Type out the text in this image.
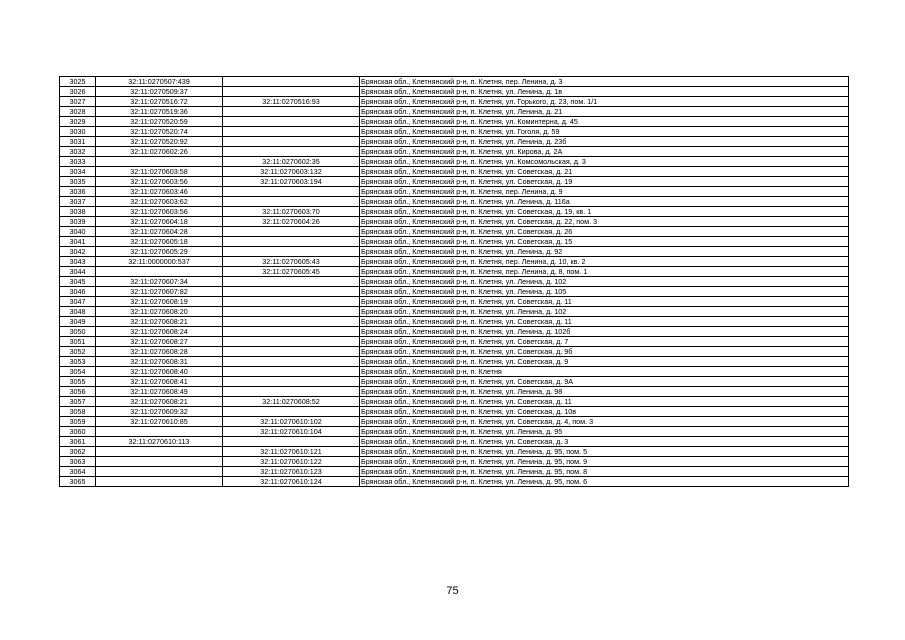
3025	32:11:0270507:439		Брянская обл., Клетнянский р-н, п. Клетня, пер. Ленина, д. 3
3026	32:11:0270509:37		Брянская обл., Клетнянский р-н, п. Клетня, ул. Ленина, д. 1в
3027	32:11:0270516:72	32:11:0270516:93	Брянская обл., Клетнянский р-н, п. Клетня, ул. Горького, д. 23, пом. 1/1
3028	32:11:0270519:36		Брянская обл., Клетнянский р-н, п. Клетня, ул. Ленина, д. 21
3029	32:11:0270520:59		Брянская обл., Клетнянский р-н, п. Клетня, ул. Коминтерна, д. 45
3030	32:11:0270520:74		Брянская обл., Клетнянский р-н, п. Клетня, ул. Гоголя, д. 59
3031	32:11:0270520:92		Брянская обл., Клетнянский р-н, п. Клетня, ул. Ленина, д. 23б
3032	32:11:0270602:26		Брянская обл., Клетнянский р-н, п. Клетня, ул. Кирова, д. 2А
3033		32:11:0270602:35	Брянская обл., Клетнянский р-н, п. Клетня, ул. Комсомольская, д. 3
3034	32:11:0270603:58	32:11:0270603:132	Брянская обл., Клетнянский р-н, п. Клетня, ул. Советская, д. 21
3035	32:11:0270603:56	32:11:0270603:194	Брянская обл., Клетнянский р-н, п. Клетня, ул. Советская, д. 19
3036	32:11:0270603:46		Брянская обл., Клетнянский р-н, п. Клетня, пер. Ленина, д. 9
3037	32:11:0270603:62		Брянская обл., Клетнянский р-н, п. Клетня, ул. Ленина, д. 116а
3038	32:11:0270603:56	32:11:0270603:70	Брянская обл., Клетнянский р-н, п. Клетня, ул. Советская, д. 19, кв. 1
3039	32:11:0270604:18	32:11:0270604:26	Брянская обл., Клетнянский р-н, п. Клетня, ул. Советская, д. 22, пом. 3
3040	32:11:0270604:28		Брянская обл., Клетнянский р-н, п. Клетня, ул. Советская, д. 26
3041	32:11:0270605:18		Брянская обл., Клетнянский р-н, п. Клетня, ул. Советская, д. 15
3042	32:11:0270605:29		Брянская обл., Клетнянский р-н, п. Клетня, ул. Ленина, д. 92
3043	32:11:0000000:537	32:11:0270605:43	Брянская обл., Клетнянский р-н, п. Клетня, пер. Ленина, д. 10, кв. 2
3044		32:11:0270605:45	Брянская обл., Клетнянский р-н, п. Клетня, пер. Ленина, д. 8, пом. 1
3045	32:11:0270607:34		Брянская обл., Клетнянский р-н, п. Клетня, ул. Ленина, д. 102
3046	32:11:0270607:82		Брянская обл., Клетнянский р-н, п. Клетня, ул. Ленина, д. 105
3047	32:11:0270608:19		Брянская обл., Клетнянский р-н, п. Клетня, ул. Советская, д. 11
3048	32:11:0270608:20		Брянская обл., Клетнянский р-н, п. Клетня, ул. Ленина, д. 102
3049	32:11:0270608:21		Брянская обл., Клетнянский р-н, п. Клетня, ул. Советская, д. 11
3050	32:11:0270608:24		Брянская обл., Клетнянский р-н, п. Клетня, ул. Ленина, д. 102б
3051	32:11:0270608:27		Брянская обл., Клетнянский р-н, п. Клетня, ул. Советская, д. 7
3052	32:11:0270608:28		Брянская обл., Клетнянский р-н, п. Клетня, ул. Советская, д. 9б
3053	32:11:0270608:31		Брянская обл., Клетнянский р-н, п. Клетня, ул. Советская, д. 9
3054	32:11:0270608:40		Брянская обл., Клетнянский р-н, п. Клетня
3055	32:11:0270608:41		Брянская обл., Клетнянский р-н, п. Клетня, ул. Советская, д. 9А
3056	32:11:0270608:49		Брянская обл., Клетнянский р-н, п. Клетня, ул. Ленина, д. 98
3057	32:11:0270608:21	32:11:0270608:52	Брянская обл., Клетнянский р-н, п. Клетня, ул. Советская, д. 11
3058	32:11:0270609:32		Брянская обл., Клетнянский р-н, п. Клетня, ул. Советская, д. 10в
3059	32:11:0270610:85	32:11:0270610:102	Брянская обл., Клетнянский р-н, п. Клетня, ул. Советская, д. 4, пом. 3
3060		32:11:0270610:104	Брянская обл., Клетнянский р-н, п. Клетня, ул. Ленина, д. 95
3061	32:11:0270610:113		Брянская обл., Клетнянский р-н, п. Клетня, ул. Советская, д. 3
3062		32:11:0270610:121	Брянская обл., Клетнянский р-н, п. Клетня, ул. Ленина, д. 95, пом. 5
3063		32:11:0270610:122	Брянская обл., Клетнянский р-н, п. Клетня, ул. Ленина, д. 95, пом. 9
3064		32:11:0270610:123	Брянская обл., Клетнянский р-н, п. Клетня, ул. Ленина, д. 95, пом. 8
3065		32:11:0270610:124	Брянская обл., Клетнянский р-н, п. Клетня, ул. Ленина, д. 95, пом. 6
75
